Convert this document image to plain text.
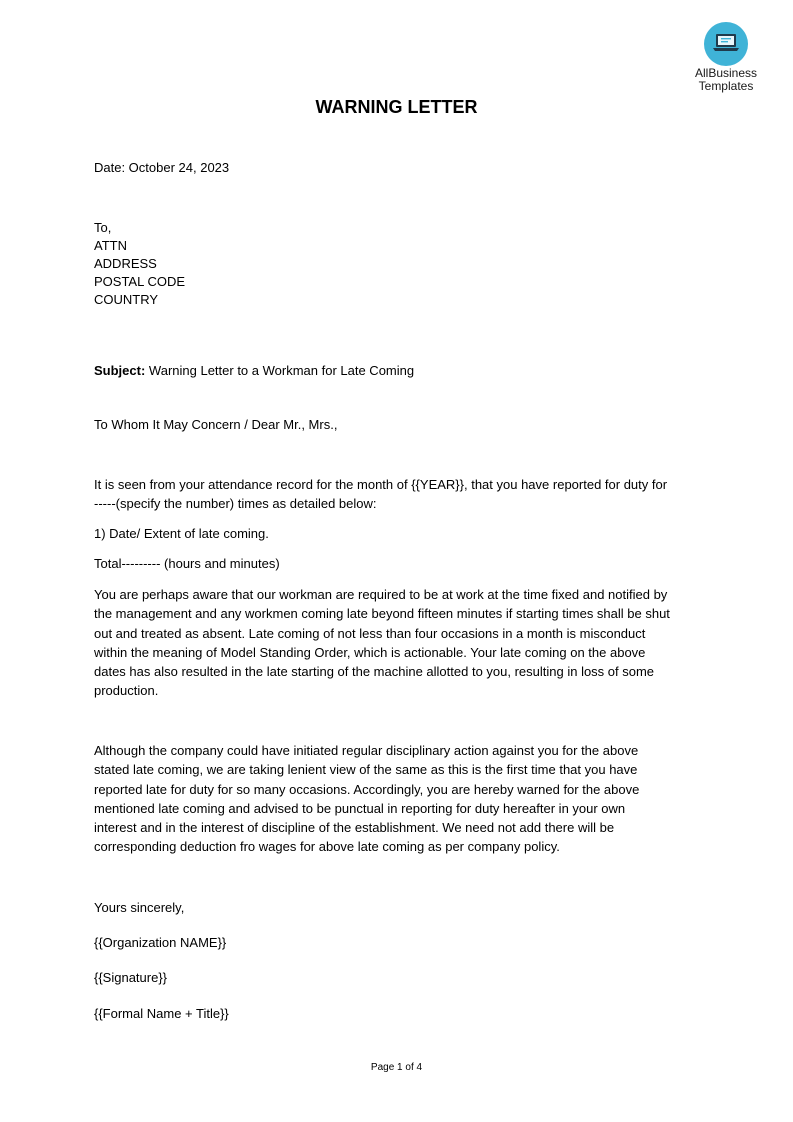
AllBusiness
Templates
WARNING LETTER
Date: October 24, 2023
To,
ATTN
ADDRESS
POSTAL CODE
COUNTRY
Subject: Warning Letter to a Workman for Late Coming
To Whom It May Concern / Dear Mr., Mrs.,
It is seen from your attendance record for the month of {{YEAR}}, that you have reported for duty for
-----(specify the number) times as detailed below:
1) Date/ Extent of late coming.
Total--------- (hours and minutes)
You are perhaps aware that our workman are required to be at work at the time fixed and notified by
the management and any workmen coming late beyond fifteen minutes if starting times shall be shut
out and treated as absent. Late coming of not less than four occasions in a month is misconduct
within the meaning of Model Standing Order, which is actionable. Your late coming on the above
dates has also resulted in the late starting of the machine allotted to you, resulting in loss of some
production.
Although the company could have initiated regular disciplinary action against you for the above
stated late coming, we are taking lenient view of the same as this is the first time that you have
reported late for duty for so many occasions. Accordingly, you are hereby warned for the above
mentioned late coming and advised to be punctual in reporting for duty hereafter in your own
interest and in the interest of discipline of the establishment. We need not add there will be
corresponding deduction fro wages for above late coming as per company policy.
Yours sincerely,
{{Organization NAME}}
{{Signature}}
{{Formal Name + Title}}
Page 1 of 4
